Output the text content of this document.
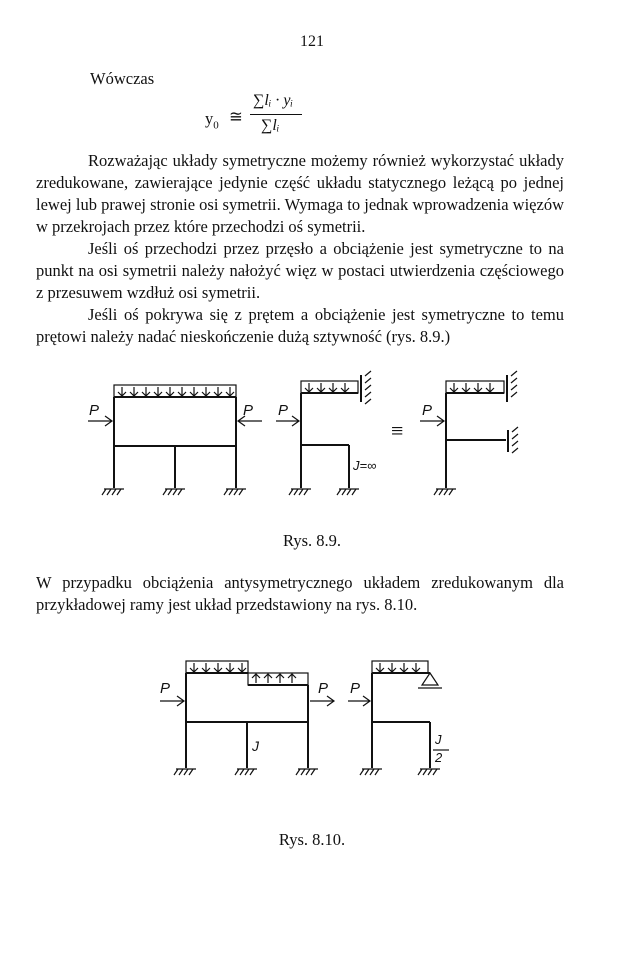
121
Wówczas
$y_0$ ≅
∑lᵢ · yᵢ
∑lᵢ

Rozważając układy symetryczne możemy również wykorzystać układy zredukowane, zawierające jedynie część układu statycznego leżącą po jednej lewej lub prawej stronie osi symetrii. Wymaga to jednak wprowadzenia więzów w przekrojach przez które przechodzi oś symetrii.

Jeśli oś przechodzi przez przęsło a obciążenie jest symetryczne to na punkt na osi symetrii należy nałożyć więz w postaci utwierdzenia częściowego z przesuwem wzdłuż osi symetrii.

Jeśli oś pokrywa się z prętem a obciążenie jest symetryczne to temu prętowi należy nadać nieskończenie dużą sztywność (rys. 8.9.)

P	P P	P
J=∞
≡
Rys. 8.9.
W przypadku obciążenia antysymetrycznego układem zredukowanym dla przykładowej ramy jest układ przedstawiony na rys. 8.10.
P	P P
J	J
2
Rys. 8.10.
